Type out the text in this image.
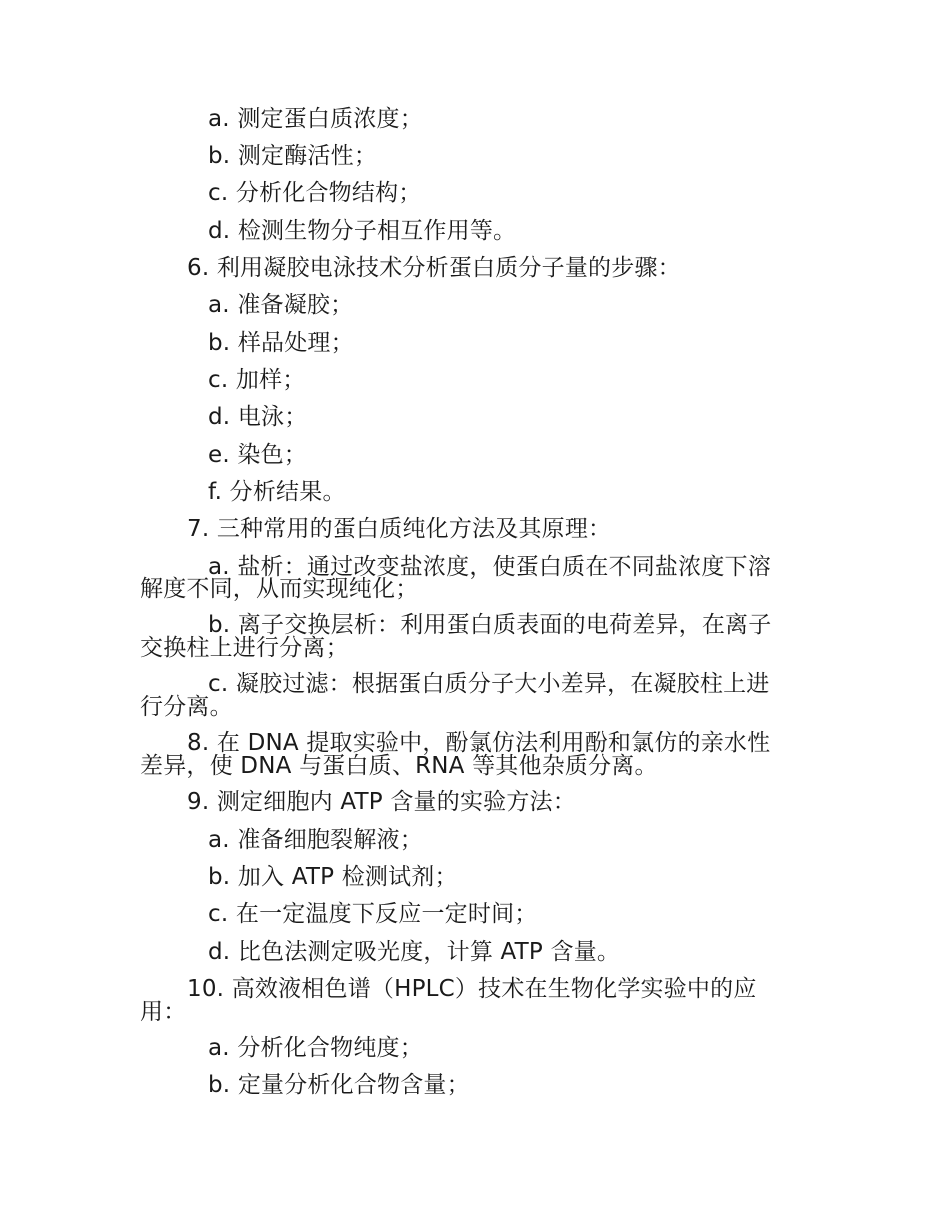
a. 测定蛋白质浓度；
b. 测定酶活性；
c. 分析化合物结构；
d. 检测生物分子相互作用等。
6. 利用凝胶电泳技术分析蛋白质分子量的步骤：
a. 准备凝胶；
b. 样品处理；
c. 加样；
d. 电泳；
e. 染色；
f. 分析结果。
7. 三种常用的蛋白质纯化方法及其原理：
a. 盐析：通过改变盐浓度，使蛋白质在不同盐浓度下溶
解度不同，从而实现纯化；
b. 离子交换层析：利用蛋白质表面的电荷差异，在离子
交换柱上进行分离；
c. 凝胶过滤：根据蛋白质分子大小差异，在凝胶柱上进
行分离。
8. 在 DNA 提取实验中，酚氯仿法利用酚和氯仿的亲水性
差异，使 DNA 与蛋白质、RNA 等其他杂质分离。
9. 测定细胞内 ATP 含量的实验方法：
a. 准备细胞裂解液；
b. 加入 ATP 检测试剂；
c. 在一定温度下反应一定时间；
d. 比色法测定吸光度，计算 ATP 含量。
10. 高效液相色谱（HPLC）技术在生物化学实验中的应
用：
a. 分析化合物纯度；
b. 定量分析化合物含量；
